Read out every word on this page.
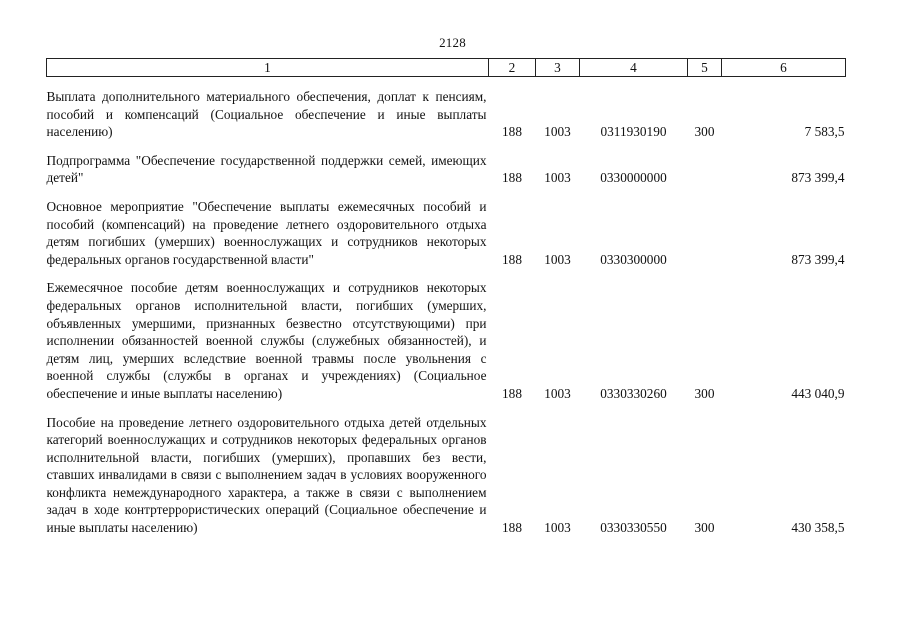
2128
1	2	3	4	5	6

Выплата дополнительного материального обеспечения, доплат к пенсиям, пособий и компенсаций (Социальное обеспечение и иные выплаты населению)	188	1003	0311930190	300	7 583,5

Подпрограмма "Обеспечение государственной поддержки семей, имеющих детей"	188	1003	0330000000		873 399,4

Основное мероприятие "Обеспечение выплаты ежемесячных пособий и пособий (компенсаций) на проведение летнего оздоровительного отдыха детям погибших (умерших) военнослужащих и сотрудников некоторых федеральных органов государственной власти"	188	1003	0330300000		873 399,4

Ежемесячное пособие детям военнослужащих и сотрудников некоторых федеральных органов исполнительной власти, погибших (умерших, объявленных умершими, признанных безвестно отсутствующими) при исполнении обязанностей военной службы (служебных обязанностей), и детям лиц, умерших вследствие военной травмы после увольнения с военной службы (службы в органах и учреждениях) (Социальное обеспечение и иные выплаты населению)	188	1003	0330330260	300	443 040,9

Пособие на проведение летнего оздоровительного отдыха детей отдельных категорий военнослужащих и сотрудников некоторых федеральных органов исполнительной власти, погибших (умерших), пропавших без вести, ставших инвалидами в связи с выполнением задач в условиях вооруженного конфликта немеждународного характера, а также в связи с выполнением задач в ходе контртеррористических операций (Социальное обеспечение и иные выплаты населению)	188	1003	0330330550	300	430 358,5
